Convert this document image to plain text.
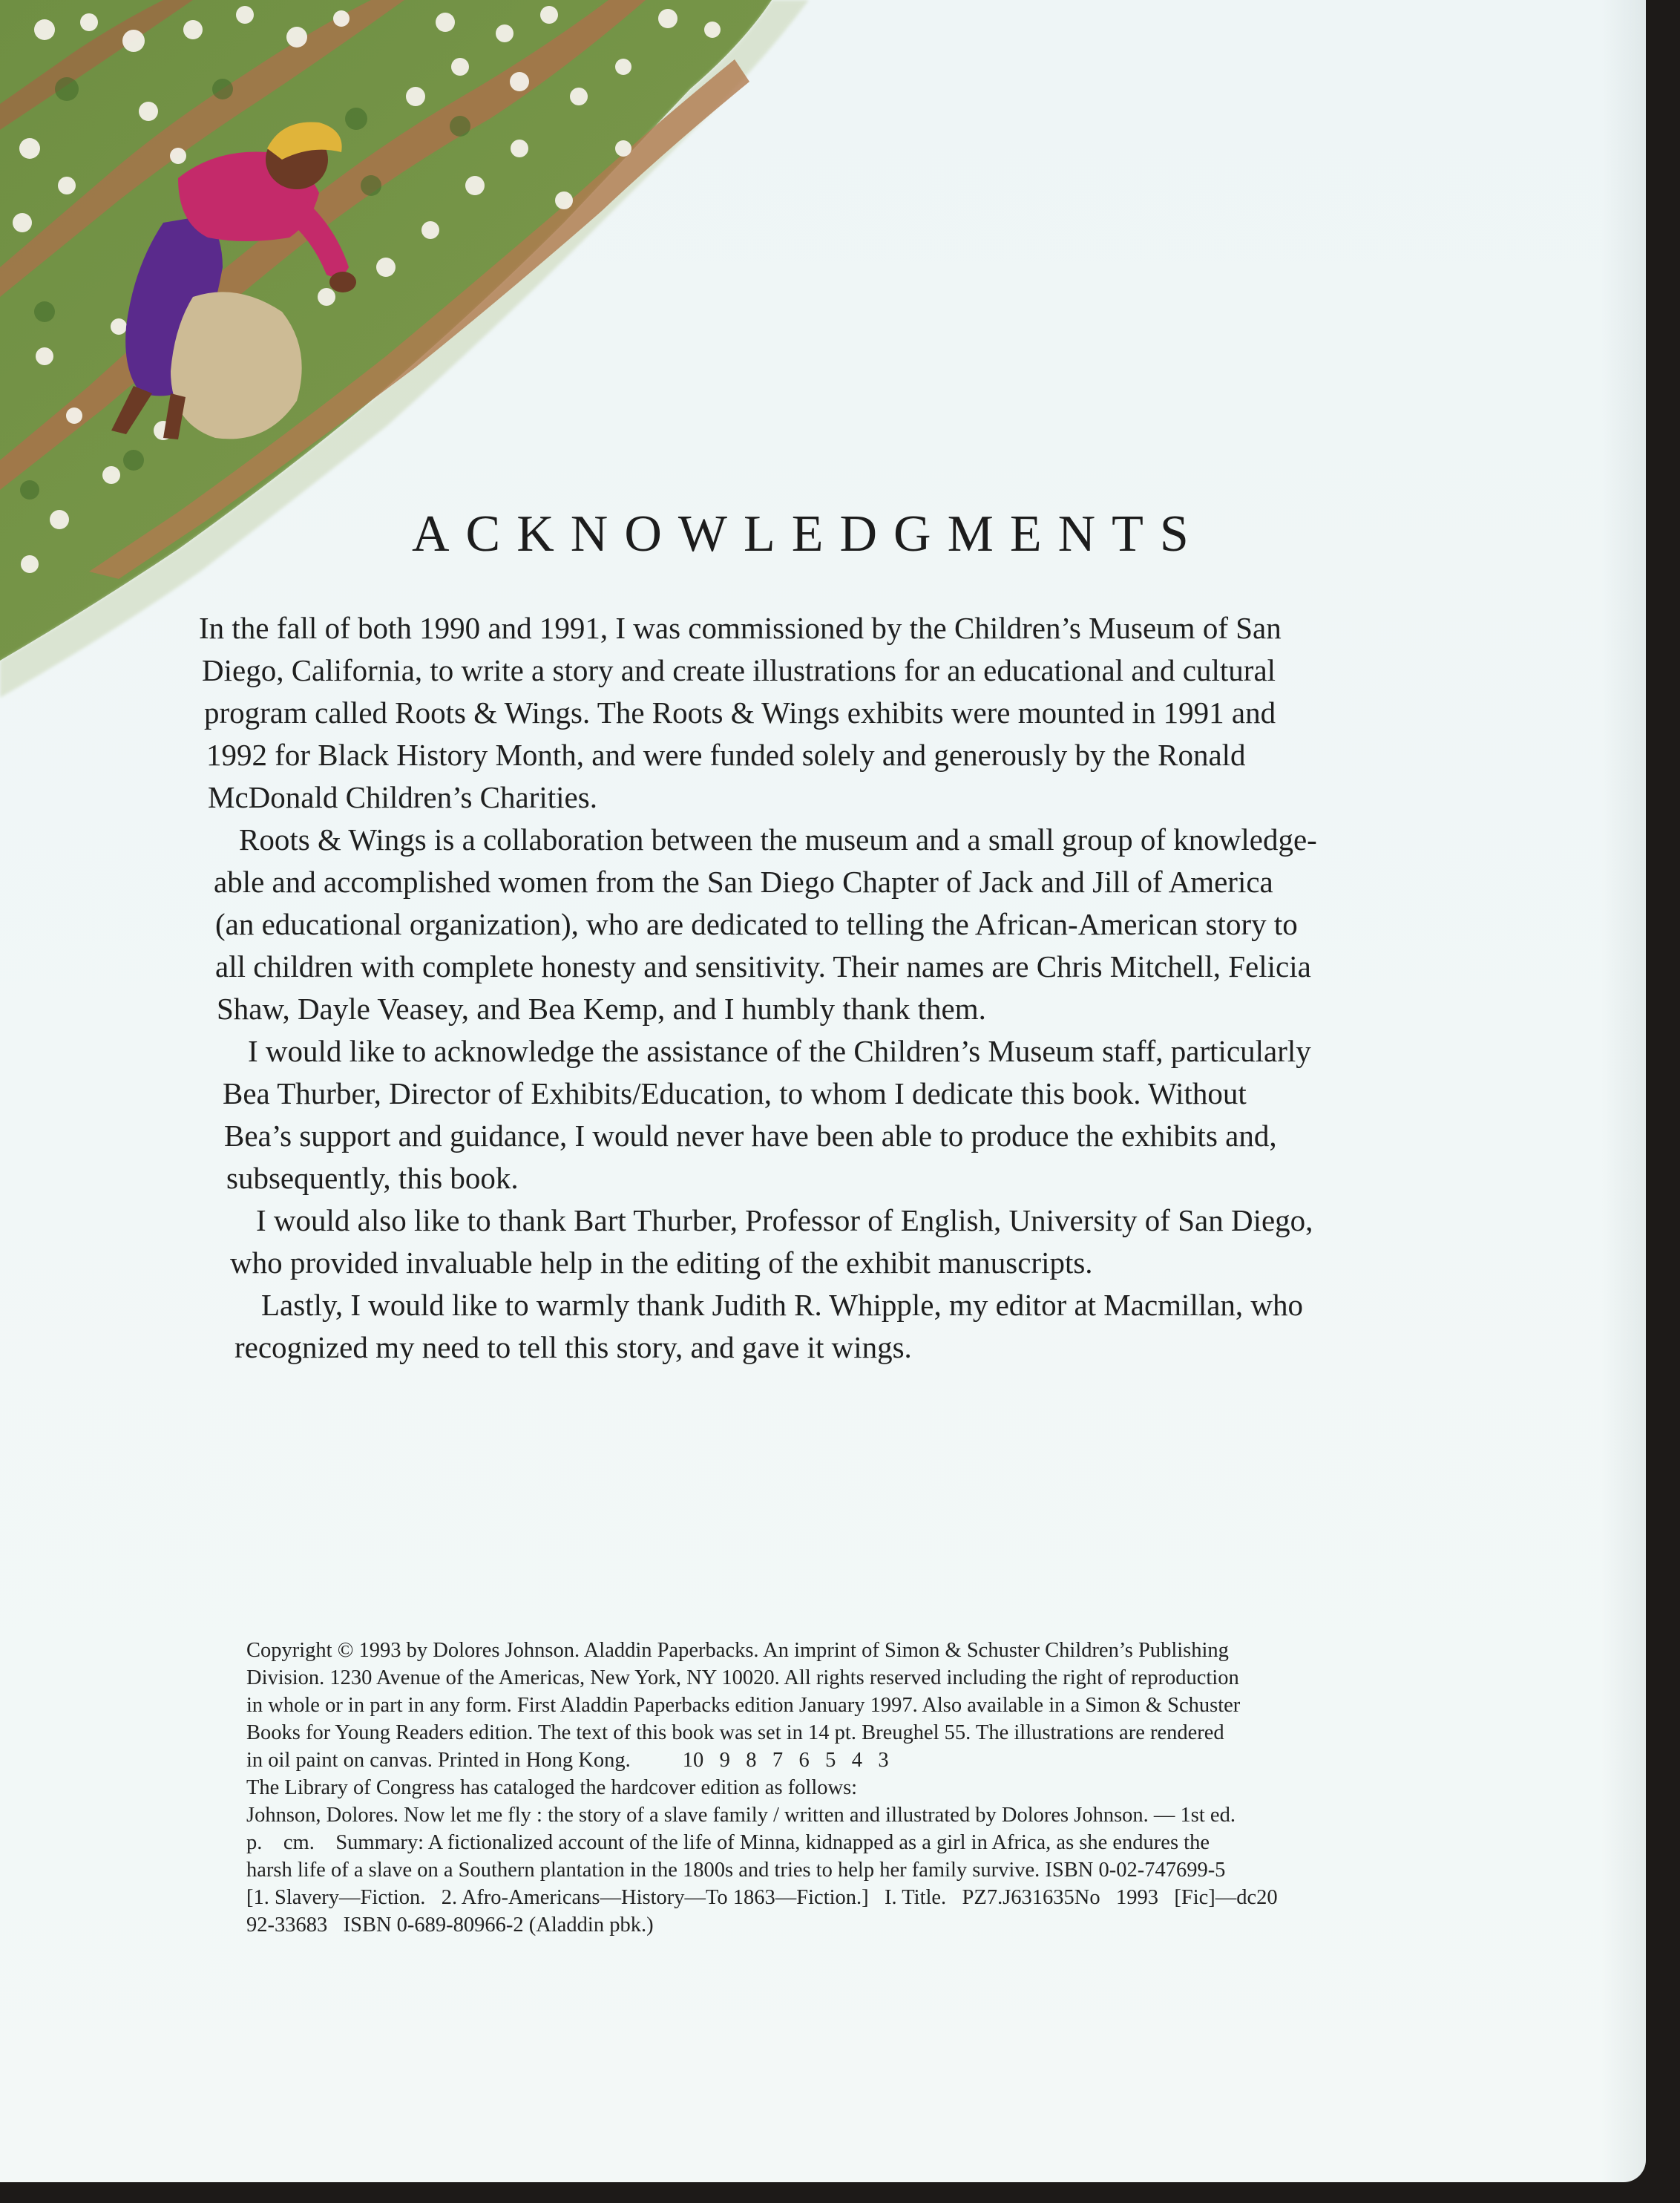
ACKNOWLEDGMENTS

In the fall of both 1990 and 1991, I was commissioned by the Children’s Museum of San

Diego, California, to write a story and create illustrations for an educational and cultural

program called Roots & Wings. The Roots & Wings exhibits were mounted in 1991 and

1992 for Black History Month, and were funded solely and generously by the Ronald

McDonald Children’s Charities.

Roots & Wings is a collaboration between the museum and a small group of knowledge-

able and accomplished women from the San Diego Chapter of Jack and Jill of America

(an educational organization), who are dedicated to telling the African-American story to

all children with complete honesty and sensitivity. Their names are Chris Mitchell, Felicia

Shaw, Dayle Veasey, and Bea Kemp, and I humbly thank them.

I would like to acknowledge the assistance of the Children’s Museum staff, particularly

Bea Thurber, Director of Exhibits/Education, to whom I dedicate this book. Without

Bea’s support and guidance, I would never have been able to produce the exhibits and,

subsequently, this book.

I would also like to thank Bart Thurber, Professor of English, University of San Diego,

who provided invaluable help in the editing of the exhibit manuscripts.

Lastly, I would like to warmly thank Judith R. Whipple, my editor at Macmillan, who

recognized my need to tell this story, and gave it wings.

Copyright © 1993 by Dolores Johnson. Aladdin Paperbacks. An imprint of Simon & Schuster Children’s Publishing

Division. 1230 Avenue of the Americas, New York, NY 10020. All rights reserved including the right of reproduction

in whole or in part in any form. First Aladdin Paperbacks edition January 1997. Also available in a Simon & Schuster

Books for Young Readers edition. The text of this book was set in 14 pt. Breughel 55. The illustrations are rendered

in oil paint on canvas. Printed in Hong Kong. 10   9   8   7   6   5   4   3

The Library of Congress has cataloged the hardcover edition as follows:

Johnson, Dolores. Now let me fly : the story of a slave family / written and illustrated by Dolores Johnson. — 1st ed.

p.    cm.    Summary: A fictionalized account of the life of Minna, kidnapped as a girl in Africa, as she endures the

harsh life of a slave on a Southern plantation in the 1800s and tries to help her family survive. ISBN 0-02-747699-5

[1. Slavery—Fiction.   2. Afro-Americans—History—To 1863—Fiction.]   I. Title.   PZ7.J631635No   1993   [Fic]—dc20

92-33683   ISBN 0-689-80966-2 (Aladdin pbk.)
